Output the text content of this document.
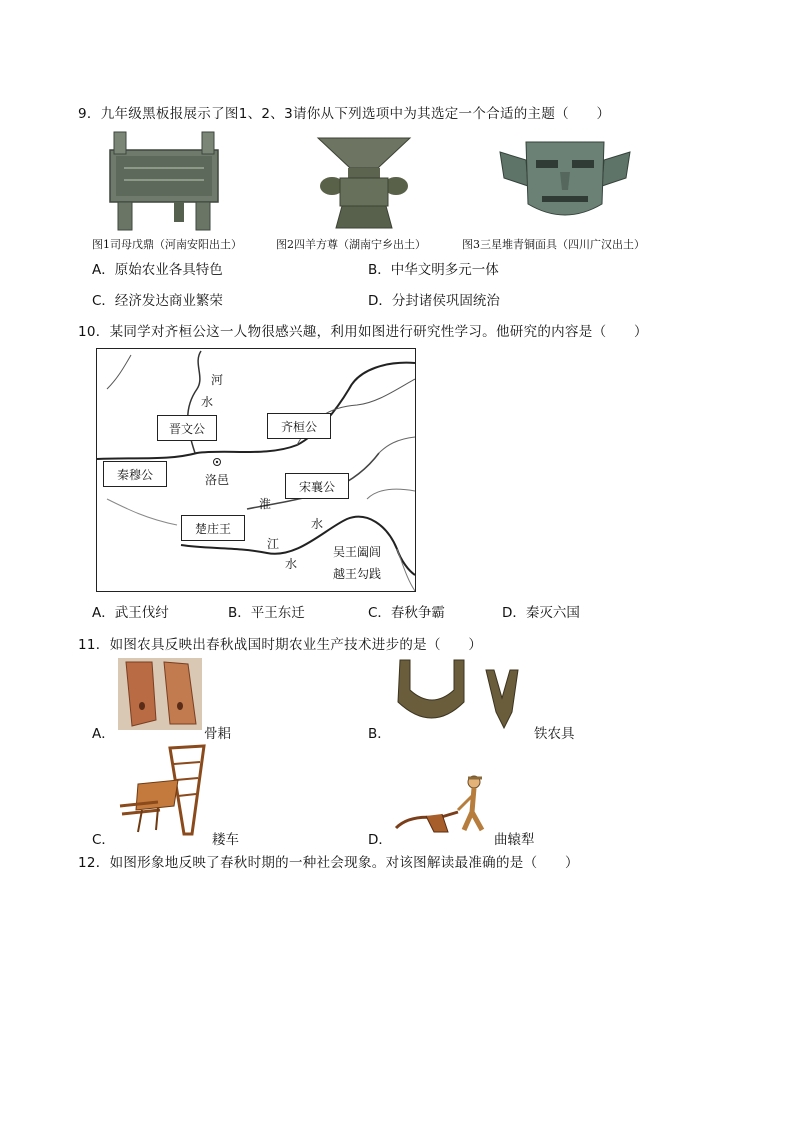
9．九年级黑板报展示了图1、2、3请你从下列选项中为其选定一个合适的主题（　　）
图1司母戊鼎（河南安阳出土）	图2四羊方尊（湖南宁乡出土）	图3三星堆青铜面具（四川广汉出土）
A．原始农业各具特色	B．中华文明多元一体
C．经济发达商业繁荣	D．分封诸侯巩固统治
10．某同学对齐桓公这一人物很感兴趣，利用如图进行研究性学习。他研究的内容是（　　）
河
水
洛邑
淮
水
江
水
吴王阖闾
越王勾践
晋文公	齐桓公
秦穆公
宋襄公
楚庄王
A．武王伐纣	B．平王东迁	C．春秋争霸	D．秦灭六国
11．如图农具反映出春秋战国时期农业生产技术进步的是（　　）
A．	骨耜	B．	铁农具
C．	耧车	D．	曲辕犁
12．如图形象地反映了春秋时期的一种社会现象。对该图解读最准确的是（　　）
